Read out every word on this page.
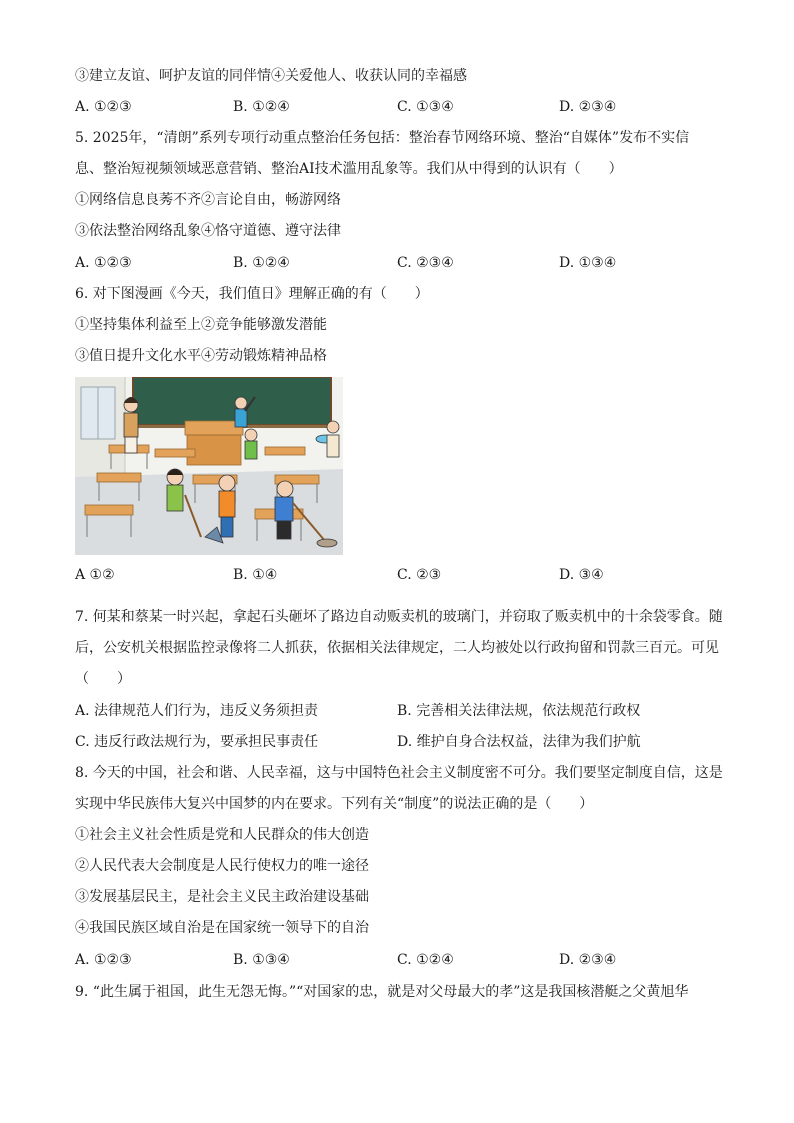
③建立友谊、呵护友谊的同伴情④关爱他人、收获认同的幸福感
A. ①②③	B. ①②④	C. ①③④	D. ②③④
5. 2025年，“清朗”系列专项行动重点整治任务包括：整治春节网络环境、整治“自媒体”发布不实信
息、整治短视频领域恶意营销、整治AI技术滥用乱象等。我们从中得到的认识有（　　）
①网络信息良莠不齐②言论自由，畅游网络
③依法整治网络乱象④恪守道德、遵守法律
A. ①②③	B. ①②④	C. ②③④	D. ①③④
6. 对下图漫画《今天，我们值日》理解正确的有（　　）
①坚持集体利益至上②竞争能够激发潜能
③值日提升文化水平④劳动锻炼精神品格
A ①②	B. ①④	C. ②③	D. ③④
7. 何某和蔡某一时兴起，拿起石头砸坏了路边自动贩卖机的玻璃门，并窃取了贩卖机中的十余袋零食。随
后，公安机关根据监控录像将二人抓获，依据相关法律规定，二人均被处以行政拘留和罚款三百元。可见
（　　）
A. 法律规范人们行为，违反义务须担责	B. 完善相关法律法规，依法规范行政权
C. 违反行政法规行为，要承担民事责任	D. 维护自身合法权益，法律为我们护航
8. 今天的中国，社会和谐、人民幸福，这与中国特色社会主义制度密不可分。我们要坚定制度自信，这是
实现中华民族伟大复兴中国梦的内在要求。下列有关“制度”的说法正确的是（　　）
①社会主义社会性质是党和人民群众的伟大创造
②人民代表大会制度是人民行使权力的唯一途径
③发展基层民主，是社会主义民主政治建设基础
④我国民族区域自治是在国家统一领导下的自治
A. ①②③	B. ①③④	C. ①②④	D. ②③④
9. “此生属于祖国，此生无怨无悔。”“对国家的忠，就是对父母最大的孝”这是我国核潜艇之父黄旭华
